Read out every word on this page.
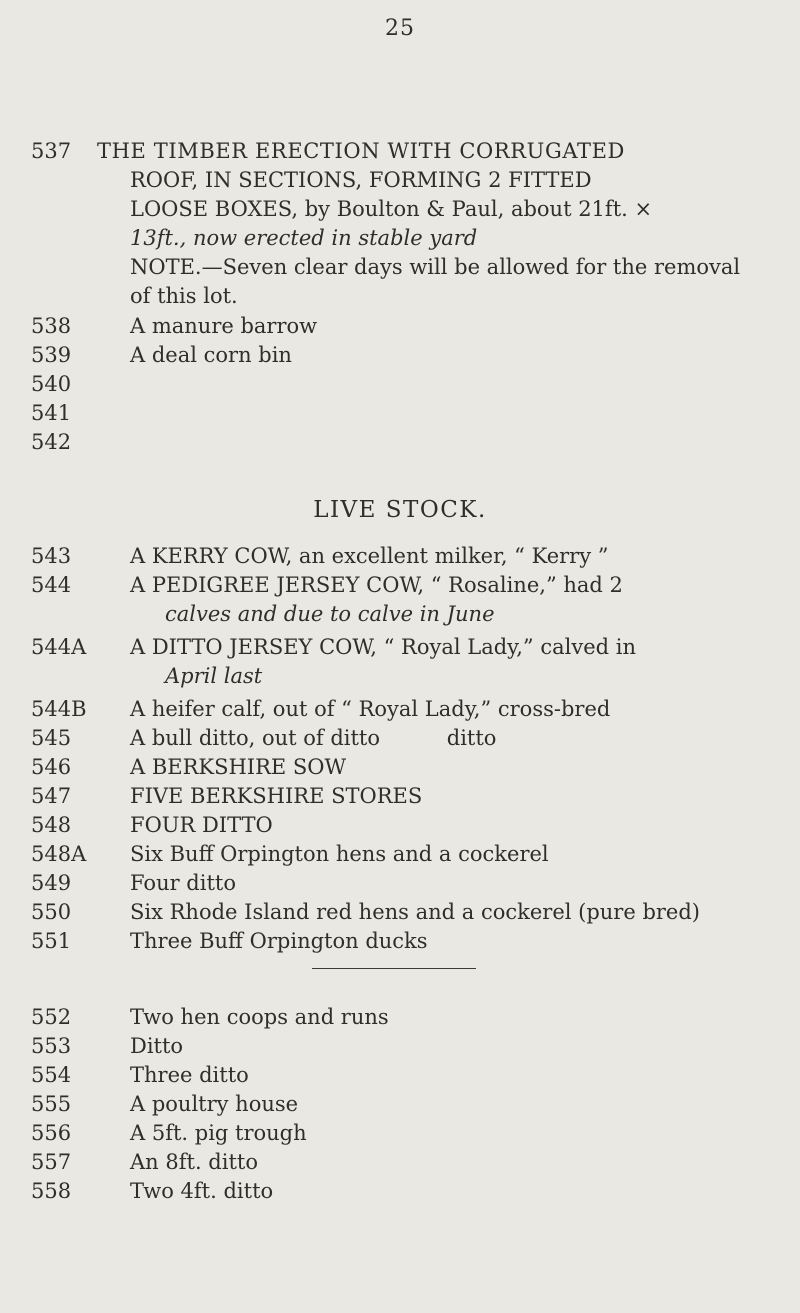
25
537	THE TIMBER ERECTION WITH CORRUGATED
ROOF, IN SECTIONS, FORMING 2 FITTED
LOOSE BOXES, by Boulton & Paul, about 21ft. ×
13ft., now erected in stable yard
NOTE.—Seven clear days will be allowed for the removal
of this lot.
538	A manure barrow
539	A deal corn bin
540
541
542
LIVE STOCK.
543	A KERRY COW, an excellent milker, “ Kerry ”
544	A PEDIGREE JERSEY COW, “ Rosaline,” had 2
calves and due to calve in June
544A	A DITTO JERSEY COW, “ Royal Lady,” calved in
April last
544B	A heifer calf, out of “ Royal Lady,” cross-bred
545	A bull ditto, out of ditto          ditto
546	A BERKSHIRE SOW
547	FIVE BERKSHIRE STORES
548	FOUR DITTO
548A	Six Buff Orpington hens and a cockerel
549	Four ditto
550	Six Rhode Island red hens and a cockerel (pure bred)
551	Three Buff Orpington ducks
552	Two hen coops and runs
553	Ditto
554	Three ditto
555	A poultry house
556	A 5ft. pig trough
557	An 8ft. ditto
558	Two 4ft. ditto
